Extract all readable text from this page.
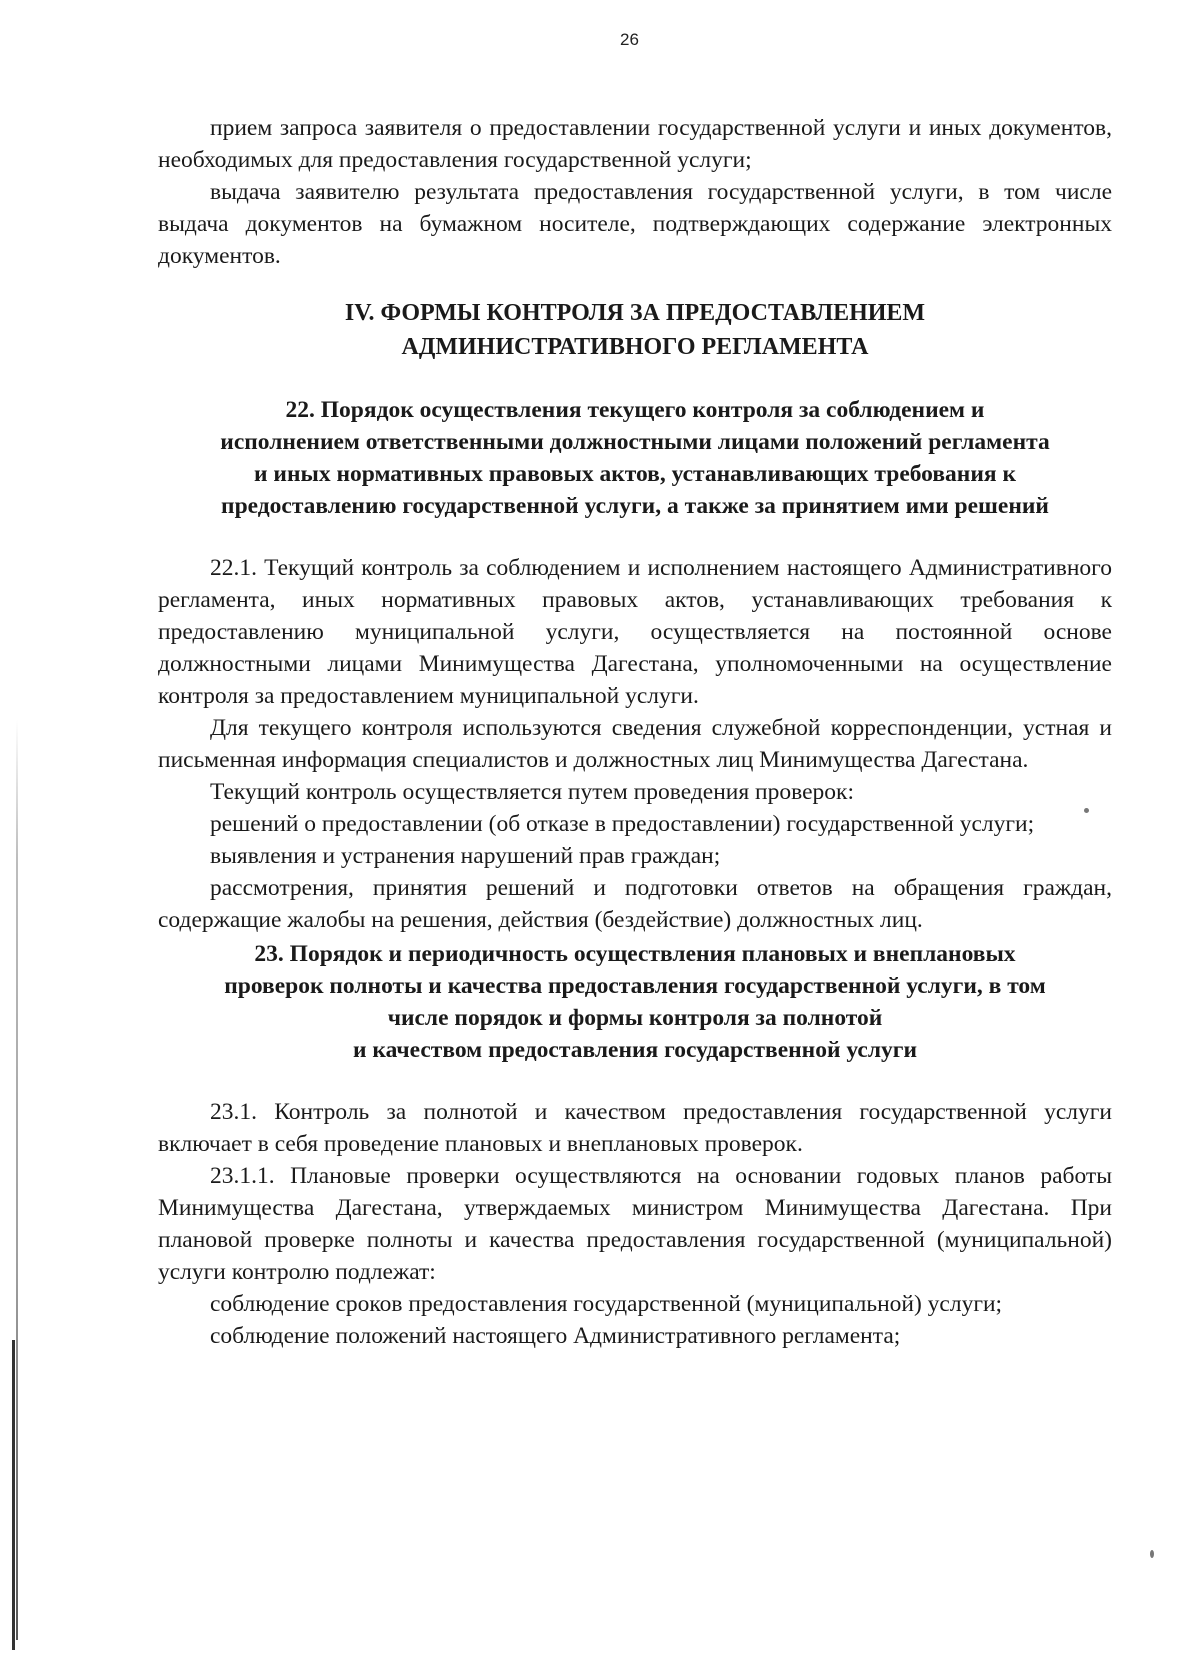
26

прием запроса заявителя о предоставлении государственной услуги и иных документов, необходимых для предоставления государственной услуги;

выдача заявителю результата предоставления государственной услуги, в том числе выдача документов на бумажном носителе, подтверждающих содержание электронных документов.

IV. ФОРМЫ КОНТРОЛЯ ЗА ПРЕДОСТАВЛЕНИЕМ
АДМИНИСТРАТИВНОГО РЕГЛАМЕНТА
22. Порядок осуществления текущего контроля за соблюдением и
исполнением ответственными должностными лицами положений регламента
и иных нормативных правовых актов, устанавливающих требования к
предоставлению государственной услуги, а также за принятием ими решений

22.1. Текущий контроль за соблюдением и исполнением настоящего Административного регламента, иных нормативных правовых актов, устанавливающих требования к предоставлению муниципальной услуги, осуществляется на постоянной основе должностными лицами Минимущества Дагестана, уполномоченными на осуществление контроля за предоставлением муниципальной услуги.

Для текущего контроля используются сведения служебной корреспонденции, устная и письменная информация специалистов и должностных лиц Минимущества Дагестана.

Текущий контроль осуществляется путем проведения проверок:

решений о предоставлении (об отказе в предоставлении) государственной услуги;

выявления и устранения нарушений прав граждан;

рассмотрения, принятия решений и подготовки ответов на обращения граждан, содержащие жалобы на решения, действия (бездействие) должностных лиц.

23. Порядок и периодичность осуществления плановых и внеплановых
проверок полноты и качества предоставления государственной услуги, в том
числе порядок и формы контроля за полнотой
и качеством предоставления государственной услуги

23.1. Контроль за полнотой и качеством предоставления государственной услуги включает в себя проведение плановых и внеплановых проверок.

23.1.1. Плановые проверки осуществляются на основании годовых планов работы Минимущества Дагестана, утверждаемых министром Минимущества Дагестана. При плановой проверке полноты и качества предоставления государственной (муниципальной) услуги контролю подлежат:

соблюдение сроков предоставления государственной (муниципальной) услуги;

соблюдение положений настоящего Административного регламента;
